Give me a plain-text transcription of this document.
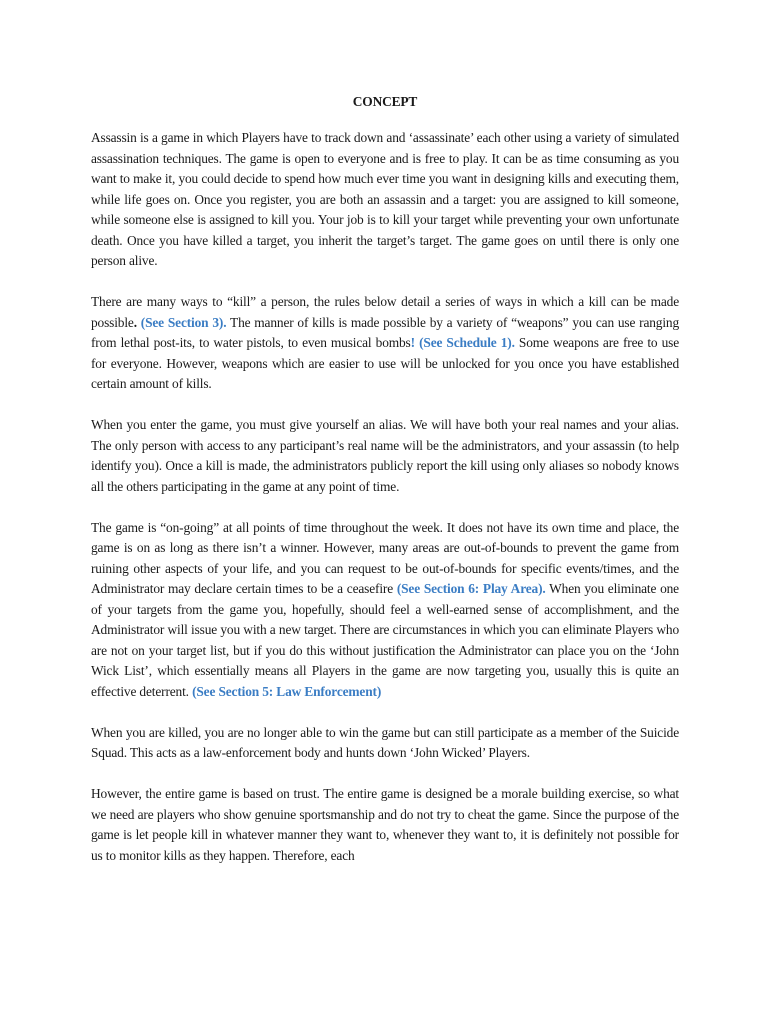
CONCEPT

Assassin is a game in which Players have to track down and ‘assassinate’ each other using a variety of simulated assassination techniques. The game is open to everyone and is free to play. It can be as time consuming as you want to make it, you could decide to spend how much ever time you want in designing kills and executing them, while life goes on. Once you register, you are both an assassin and a target: you are assigned to kill someone, while someone else is assigned to kill you. Your job is to kill your target while preventing your own unfortunate death. Once you have killed a target, you inherit the target’s target. The game goes on until there is only one person alive.

There are many ways to “kill” a person, the rules below detail a series of ways in which a kill can be made possible. (See Section 3). The manner of kills is made possible by a variety of “weapons” you can use ranging from lethal post-its, to water pistols, to even musical bombs! (See Schedule 1). Some weapons are free to use for everyone. However, weapons which are easier to use will be unlocked for you once you have established certain amount of kills.

When you enter the game, you must give yourself an alias. We will have both your real names and your alias. The only person with access to any participant’s real name will be the administrators, and your assassin (to help identify you). Once a kill is made, the administrators publicly report the kill using only aliases so nobody knows all the others participating in the game at any point of time.

The game is “on-going” at all points of time throughout the week. It does not have its own time and place, the game is on as long as there isn’t a winner. However, many areas are out-of-bounds to prevent the game from ruining other aspects of your life, and you can request to be out-of-bounds for specific events/times, and the Administrator may declare certain times to be a ceasefire (See Section 6: Play Area). When you eliminate one of your targets from the game you, hopefully, should feel a well-earned sense of accomplishment, and the Administrator will issue you with a new target. There are circumstances in which you can eliminate Players who are not on your target list, but if you do this without justification the Administrator can place you on the ‘John Wick List’, which essentially means all Players in the game are now targeting you, usually this is quite an effective deterrent. (See Section 5: Law Enforcement)

When you are killed, you are no longer able to win the game but can still participate as a member of the Suicide Squad. This acts as a law-enforcement body and hunts down ‘John Wicked’ Players.

However, the entire game is based on trust. The entire game is designed be a morale building exercise, so what we need are players who show genuine sportsmanship and do not try to cheat the game. Since the purpose of the game is let people kill in whatever manner they want to, whenever they want to, it is definitely not possible for us to monitor kills as they happen. Therefore, each
